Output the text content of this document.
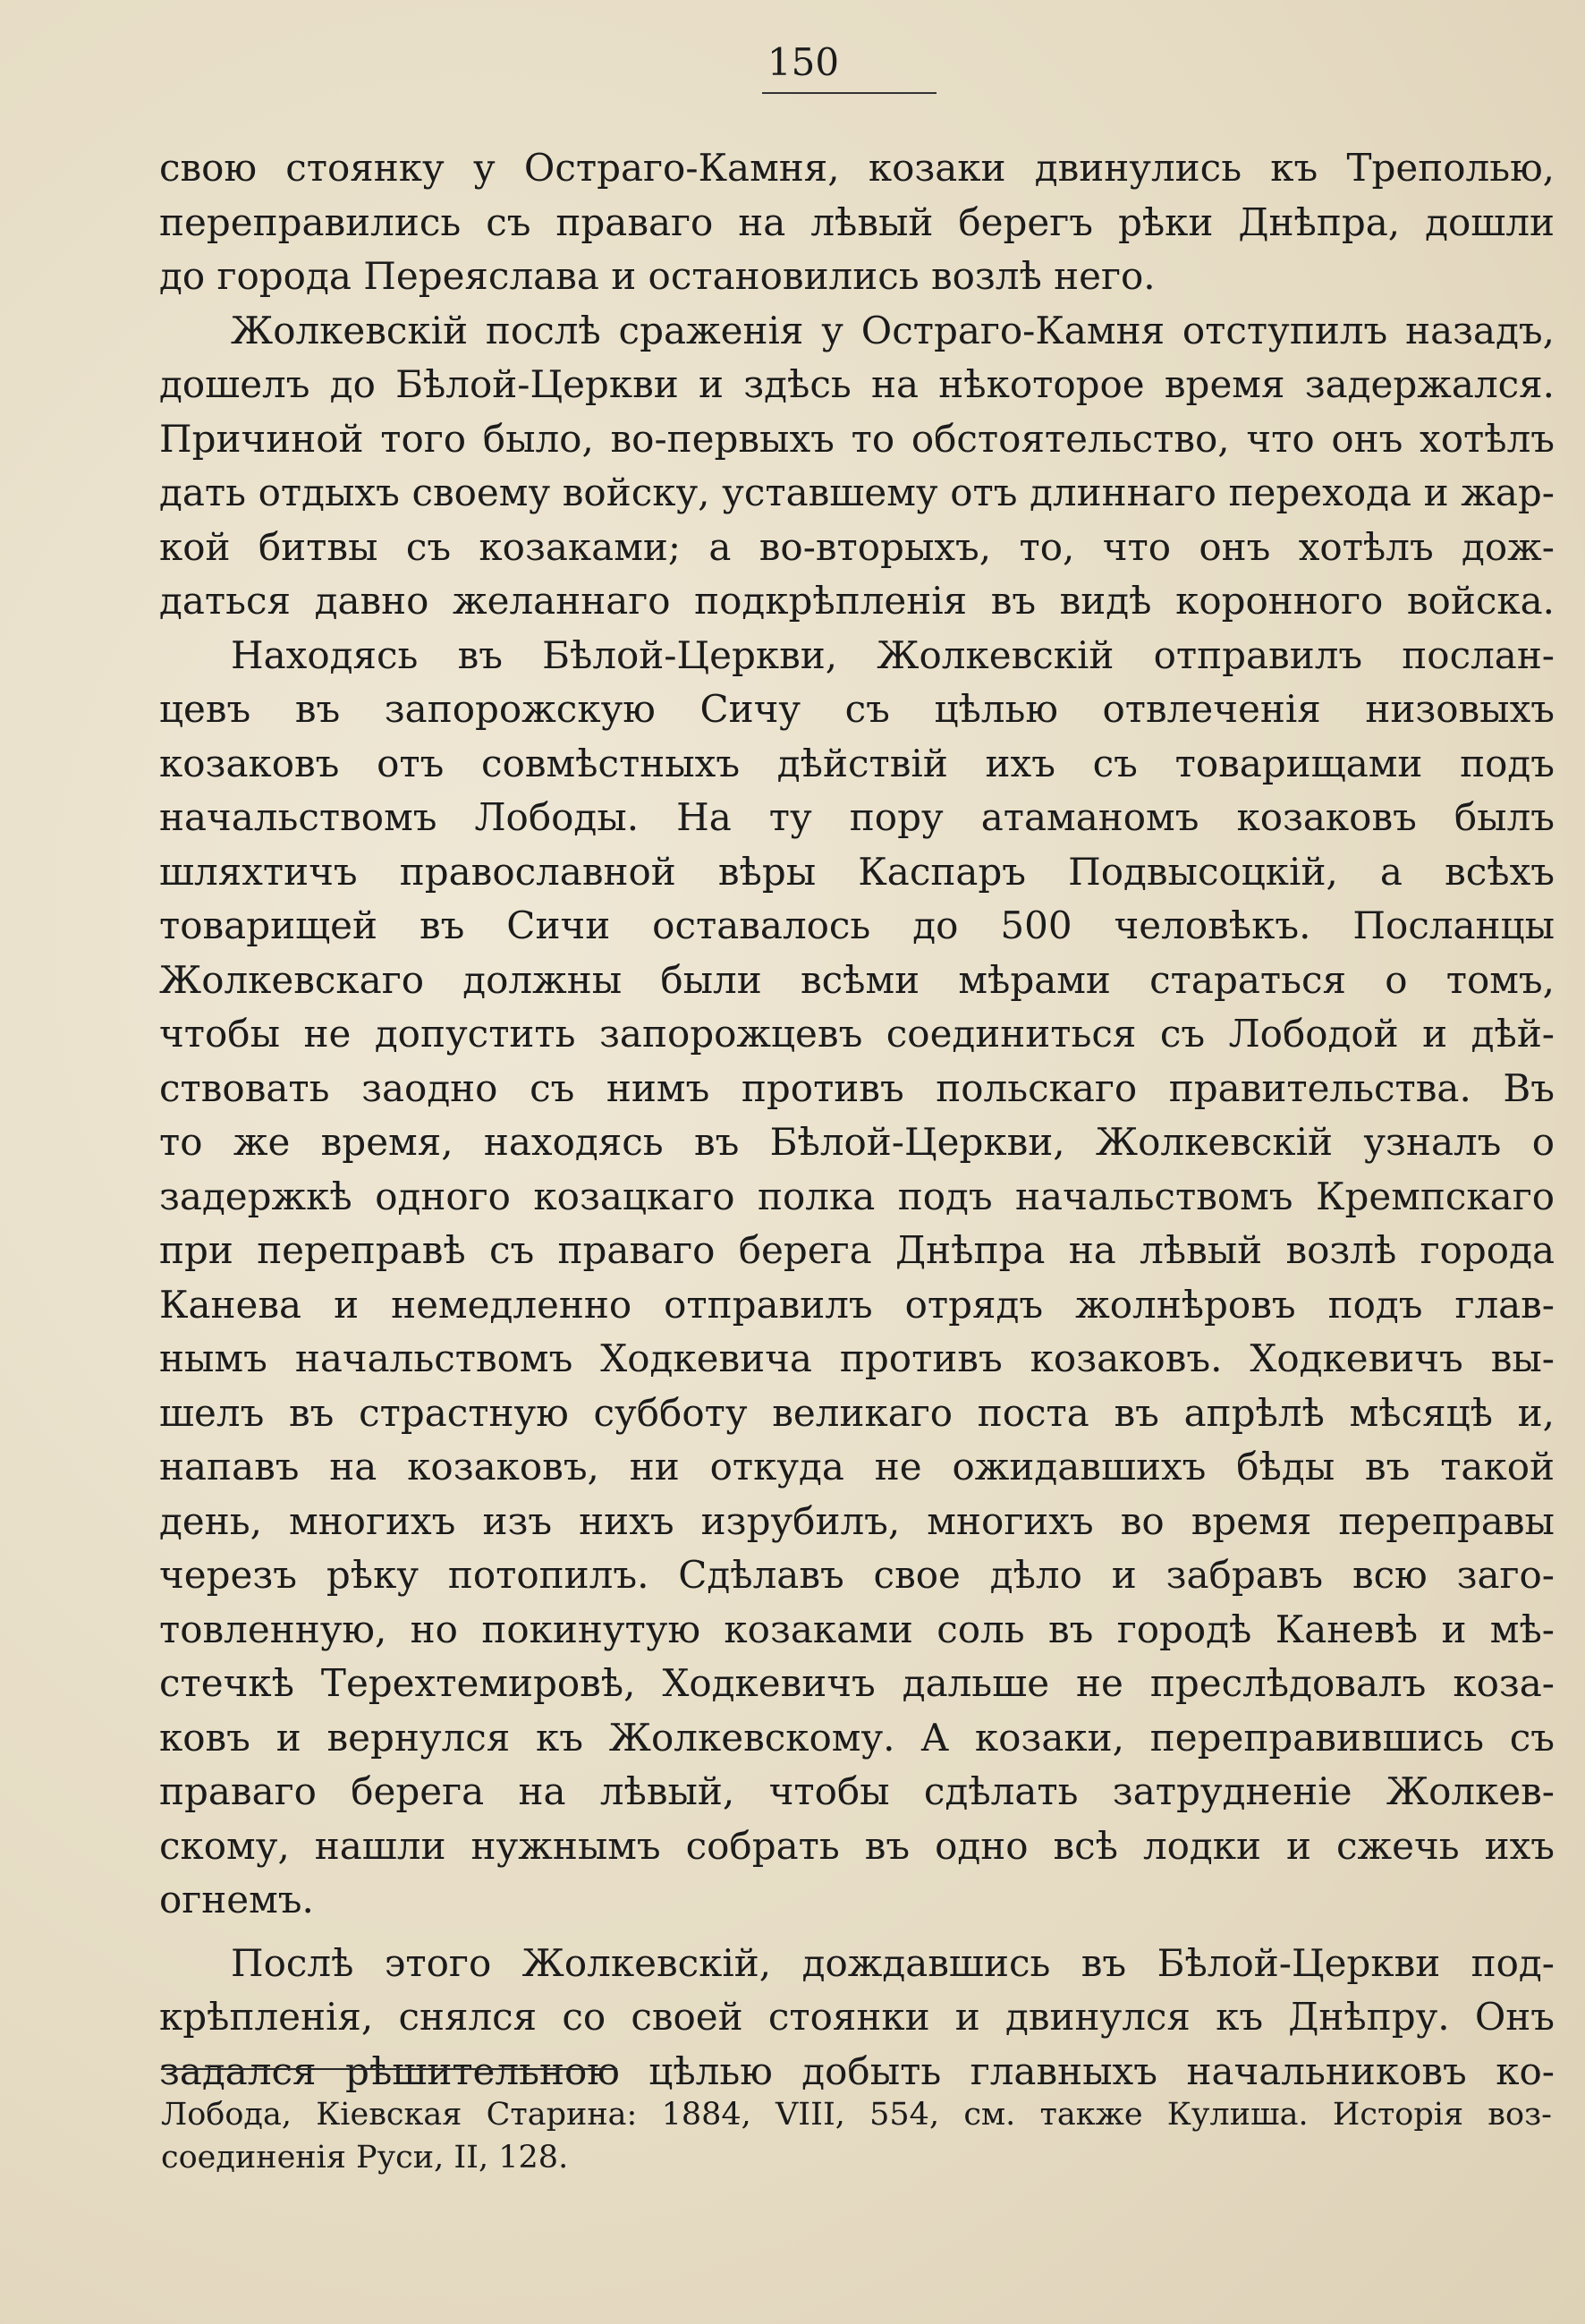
150
свою стоянку у Остраго-Камня, козаки двинулись къ Треполью,
переправились съ праваго на лѣвый берегъ рѣки Днѣпра, дошли
до города Переяслава и остановились возлѣ него.
Жолкевскій послѣ сраженія у Остраго-Камня отступилъ назадъ,
дошелъ до Бѣлой-Церкви и здѣсь на нѣкоторое время задержался.
Причиной того было, во-первыхъ то обстоятельство, что онъ хотѣлъ
дать отдыхъ своему войску, уставшему отъ длиннаго перехода и жар-
кой битвы съ козаками; а во-вторыхъ, то, что онъ хотѣлъ дож-
даться давно желаннаго подкрѣпленія въ видѣ коронного войска.
Находясь въ Бѣлой-Церкви, Жолкевскій отправилъ послан-
цевъ въ запорожскую Сичу съ цѣлью отвлеченія низовыхъ
козаковъ отъ совмѣстныхъ дѣйствій ихъ съ товарищами подъ
начальствомъ Лободы. На ту пору атаманомъ козаковъ былъ
шляхтичъ православной вѣры Каспаръ Подвысоцкій, а всѣхъ
товарищей въ Сичи оставалось до 500 человѣкъ. Посланцы
Жолкевскаго должны были всѣми мѣрами стараться о томъ,
чтобы не допустить запорожцевъ соединиться съ Лободой и дѣй-
ствовать заодно съ нимъ противъ польскаго правительства. Въ
то же время, находясь въ Бѣлой-Церкви, Жолкевскій узналъ о
задержкѣ одного козацкаго полка подъ начальствомъ Кремпскаго
при переправѣ съ праваго берега Днѣпра на лѣвый возлѣ города
Канева и немедленно отправилъ отрядъ жолнѣровъ подъ глав-
нымъ начальствомъ Ходкевича противъ козаковъ. Ходкевичъ вы-
шелъ въ страстную субботу великаго поста въ апрѣлѣ мѣсяцѣ и,
напавъ на козаковъ, ни откуда не ожидавшихъ бѣды въ такой
день, многихъ изъ нихъ изрубилъ, многихъ во время переправы
черезъ рѣку потопилъ. Сдѣлавъ свое дѣло и забравъ всю заго-
товленную, но покинутую козаками соль въ городѣ Каневѣ и мѣ-
стечкѣ Терехтемировѣ, Ходкевичъ дальше не преслѣдовалъ коза-
ковъ и вернулся къ Жолкевскому. А козаки, переправившись съ
праваго берега на лѣвый, чтобы сдѣлать затрудненіе Жолкев-
скому, нашли нужнымъ собрать въ одно всѣ лодки и сжечь ихъ
огнемъ.
Послѣ этого Жолкевскій, дождавшись въ Бѣлой-Церкви под-
крѣпленія, снялся со своей стоянки и двинулся къ Днѣпру. Онъ
задался рѣшительною цѣлью добыть главныхъ начальниковъ ко-
Лобода, Кіевская Старина: 1884, VIII, 554, см. также Кулиша. Исторія воз-
соединенія Руси, II, 128.
